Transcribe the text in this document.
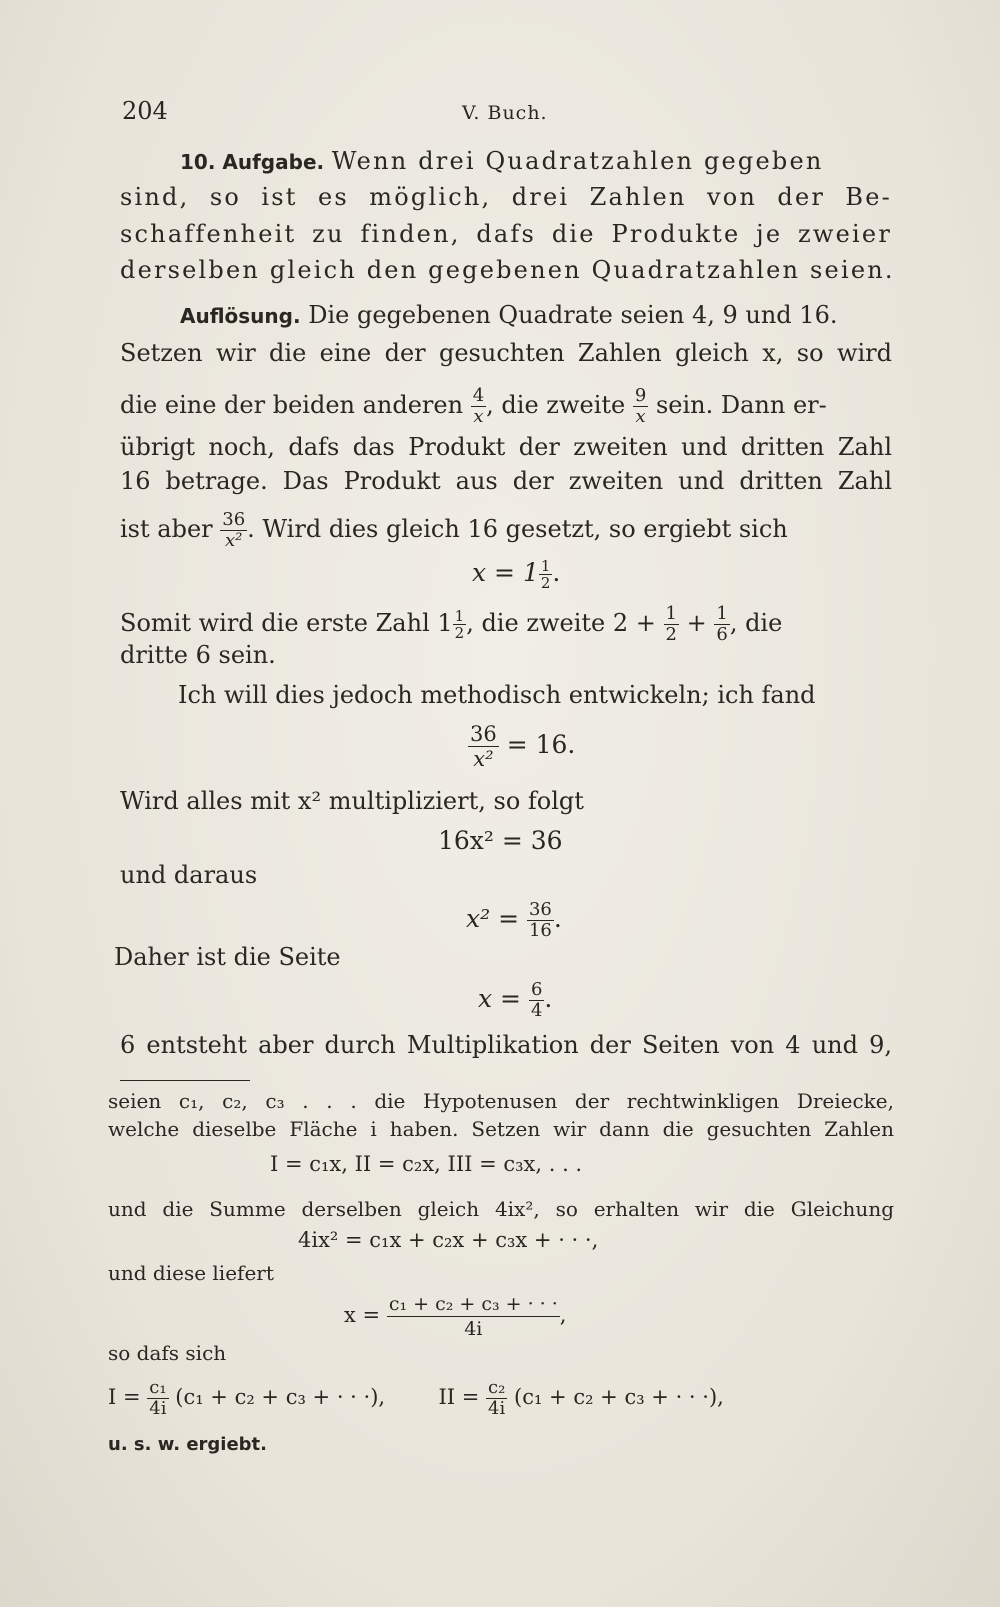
204	V. Buch.
10. Aufgabe. Wenn drei Quadratzahlen gegeben
sind, so ist es möglich, drei Zahlen von der Be-
schaffenheit zu finden, dafs die Produkte je zweier
derselben gleich den gegebenen Quadratzahlen seien.
Auflösung. Die gegebenen Quadrate seien 4, 9 und 16.
Setzen wir die eine der gesuchten Zahlen gleich x, so wird
die eine der beiden anderen $\frac{4}{x}$ , die zweite $\frac{9}{x}$ sein. Dann er-
übrigt noch, dafs das Produkt der zweiten und dritten Zahl
16 betrage. Das Produkt aus der zweiten und dritten Zahl
ist aber $\frac{36}{\text{x²}}$ . Wird dies gleich 16 gesetzt, so ergiebt sich
$x = 1 \frac{1}{2}$ .
Somit wird die erste Zahl $1 \frac{1}{2}$ , die zweite $2 + \frac{1}{2} + \frac{1}{6}$ , die
dritte 6 sein.
Ich will dies jedoch methodisch entwickeln; ich fand
$\frac{36}{\text{x²}} = 16$.
Wird alles mit x² multipliziert, so folgt
16x² = 36
und daraus
$x^2 = \frac{36}{16}$ .
Daher ist die Seite
$x = \frac{6}{4}$ .
6 entsteht aber durch Multiplikation der Seiten von 4 und 9,
seien c₁, c₂, c₃ . . . die Hypotenusen der rechtwinkligen Dreiecke,
welche dieselbe Fläche i haben. Setzen wir dann die gesuchten Zahlen
I = c₁x, II = c₂x, III = c₃x, . . .
und die Summe derselben gleich 4ix², so erhalten wir die Gleichung
4ix² = c₁x + c₂x + c₃x + · · ·,
und diese liefert
$x = \frac{\text{c₁ + c₂ + c₃ + · · ·}}{4i}$ ,
so dafs sich
$I = \frac{\text{c₁}}{4i} (c_1 + c_2 + c_3$ + · · ·),	II = $\frac{\text{c₂}}{4i} (c_1 + c_2 + c_3$ + · · ·),
u. s. w. ergiebt.
